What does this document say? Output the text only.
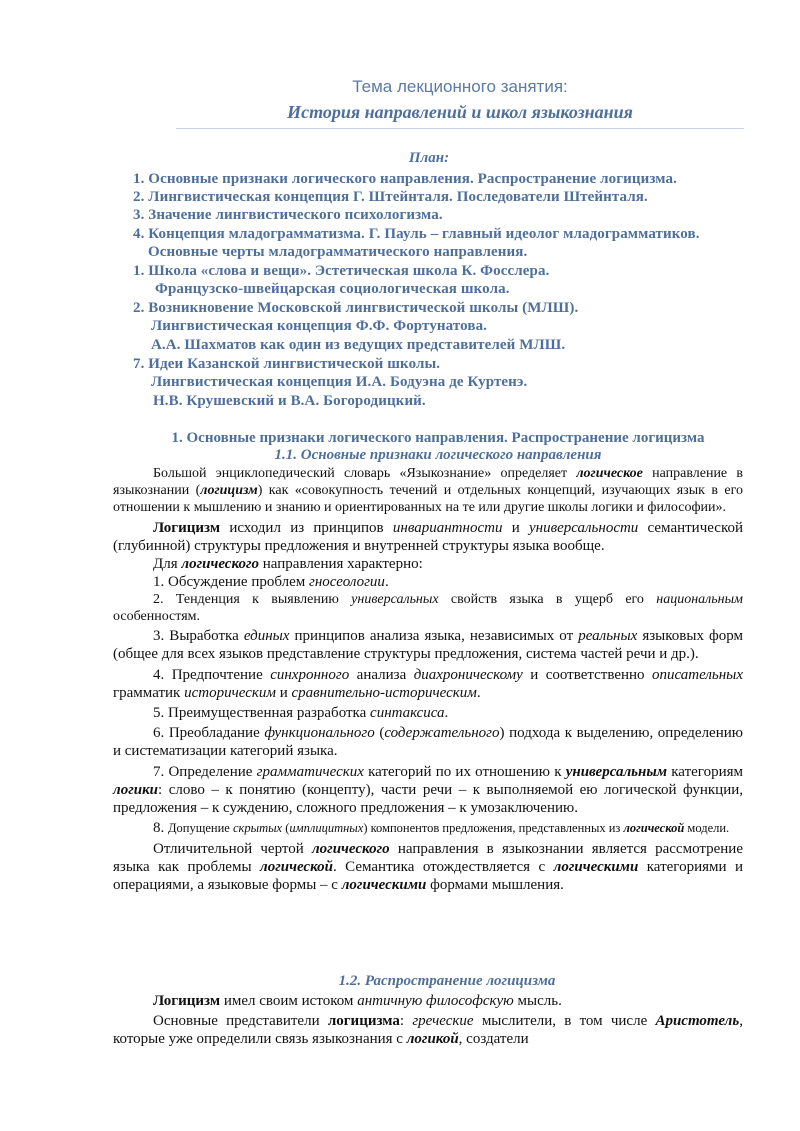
Тема лекционного занятия:
История направлений и школ языкознания
План:
1. Основные признаки логического направления. Распространение логицизма.
2. Лингвистическая концепция Г. Штейнталя. Последователи Штейнталя.
3. Значение лингвистического психологизма.
4. Концепция младограмматизма. Г. Пауль – главный идеолог младограмматиков.
Основные черты младограмматического направления.
1. Школа «слова и вещи». Эстетическая школа К. Фосслера.
Французско-швейцарская социологическая школа.
2. Возникновение Московской лингвистической школы (МЛШ).
Лингвистическая концепция Ф.Ф. Фортунатова.
А.А. Шахматов как один из ведущих представителей МЛШ.
7. Идеи Казанской лингвистической школы.
Лингвистическая концепция И.А. Бодуэна де Куртенэ.
Н.В. Крушевский и В.А. Богородицкий.
1. Основные признаки логического направления. Распространение логицизма
1.1. Основные признаки логического направления

Большой энциклопедический словарь «Языкознание» определяет логическое направление в языкознании (логицизм) как «совокупность течений и отдельных концепций, изучающих язык в его отношении к мышлению и знанию и ориентированных на те или другие школы логики и философии».

Логицизм исходил из принципов инвариантности и универсальности семантической (глубинной) структуры предложения и внутренней структуры языка вообще.

Для логического направления характерно:

1. Обсуждение проблем гносеологии.

2. Тенденция к выявлению универсальных свойств языка в ущерб его национальным особенностям.

3. Выработка единых принципов анализа языка, независимых от реальных языковых форм (общее для всех языков представление структуры предложения, система частей речи и др.).

4. Предпочтение синхронного анализа диахроническому и соответственно описательных грамматик историческим и сравнительно-историческим.

5. Преимущественная разработка синтаксиса.

6. Преобладание функционального (содержательного) подхода к выделению, определению и систематизации категорий языка.

7. Определение грамматических категорий по их отношению к универсальным категориям логики: слово – к понятию (концепту), части речи – к выполняемой ею логической функции, предложения – к суждению, сложного предложения – к умозаключению.

8. Допущение скрытых (имплицитных) компонентов предложения, представленных из логической модели.

Отличительной чертой логического направления в языкознании является рассмотрение языка как проблемы логической. Семантика отождествляется с логическими категориями и операциями, а языковые формы – с логическими формами мышления.

1.2. Распространение логицизма

Логицизм имел своим истоком античную философскую мысль.

Основные представители логицизма: греческие мыслители, в том числе Аристотель, которые уже определили связь языкознания с логикой, создатели
